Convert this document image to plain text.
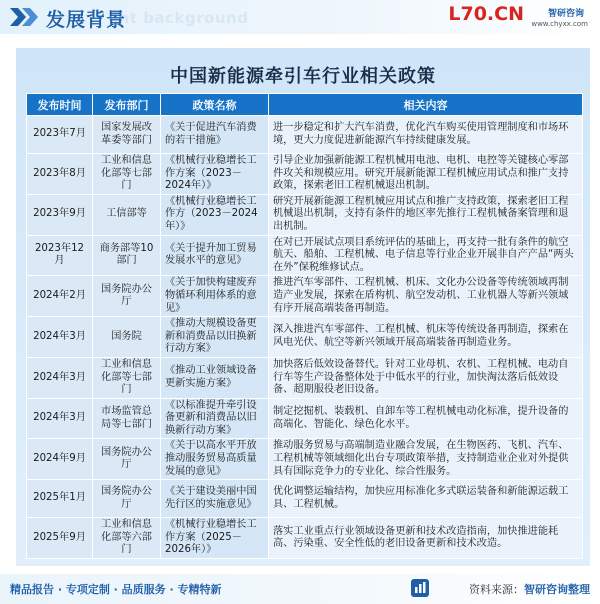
ent background
发展背景	L70.CN	智研咨询
www.chyxx.com
中国新能源牵引车行业相关政策
发布时间	发布部门	政策名称	相关内容
2023年7月	国家发展改革委等部门	《关于促进汽车消费的若干措施》	进一步稳定和扩大汽车消费，优化汽车购买使用管理制度和市场环境，更大力度促进新能源汽车持续健康发展。
2023年8月	工业和信息化部等七部门	《机械行业稳增长工作方案（2023－2024年）》	引导企业加强新能源工程机械用电池、电机、电控等关键核心零部件攻关和规模应用。研究开展新能源工程机械应用试点和推广支持政策，探索老旧工程机械退出机制。
2023年9月	工信部等	《机械行业稳增长工作方（2023－2024年）》	研究开展新能源工程机械应用试点和推广支持政策，探索老旧工程机械退出机制，支持有条件的地区率先推行工程机械备案管理和退出机制。
2023年12月	商务部等10部门	《关于提升加工贸易发展水平的意见》	在对已开展试点项目系统评估的基础上，再支持一批有条件的航空航天、船舶、工程机械、电子信息等行业企业开展非自产产品“两头在外”保税维修试点。
2024年2月	国务院办公厅	《关于加快构建废弃物循环利用体系的意见》	推进汽车零部件、工程机械、机床、文化办公设备等传统领域再制造产业发展，探索在盾构机、航空发动机、工业机器人等新兴领域有序开展高端装备再制造。
2024年3月	国务院	《推动大规模设备更新和消费品以旧换新行动方案》	深入推进汽车零部件、工程机械、机床等传统设备再制造，探索在风电光伏、航空等新兴领域开展高端装备再制造业务。
2024年3月	工业和信息化部等七部门	《推动工业领域设备更新实施方案》	加快落后低效设备替代。针对工业母机、农机、工程机械、电动自行车等生产设备整体处于中低水平的行业，加快淘汰落后低效设备、超期服役老旧设备。
2024年3月	市场监管总局等七部门	《以标准提升牵引设备更新和消费品以旧换新行动方案》	制定挖掘机、装载机、自卸车等工程机械电动化标准，提升设备的高端化、智能化、绿色化水平。
2024年9月	国务院办公厅	《关于以高水平开放推动服务贸易高质量发展的意见》	推动服务贸易与高端制造业融合发展，在生物医药、飞机、汽车、工程机械等领域细化出台专项政策举措，支持制造业企业对外提供具有国际竞争力的专业化、综合性服务。
2025年1月	国务院办公厅	《关于建设美丽中国先行区的实施意见》	优化调整运输结构，加快应用标准化多式联运装备和新能源运载工具、工程机械。
2025年9月	工业和信息化部等六部门	《机械行业稳增长工作方案（2025－2026年）》	落实工业重点行业领域设备更新和技术改造指南，加快推进能耗高、污染重、安全性低的老旧设备更新和技术改造。
精品报告 · 专项定制 · 品质服务 · 专精特新	资料来源：智研咨询整理
